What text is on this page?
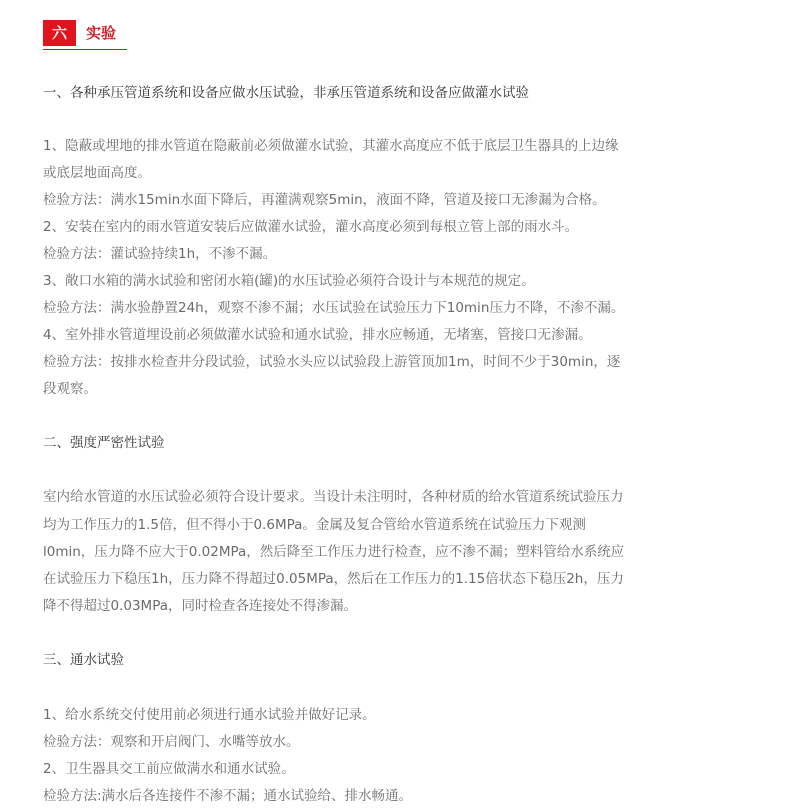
六	实验
一、各种承压管道系统和设备应做水压试验，非承压管道系统和设备应做灌水试验
1、隐蔽或埋地的排水管道在隐蔽前必须做灌水试验，其灌水高度应不低于底层卫生器具的上边缘
或底层地面高度。
检验方法：满水15min水面下降后，再灌满观察5min，液面不降，管道及接口无渗漏为合格。
2、安装在室内的雨水管道安装后应做灌水试验，灌水高度必须到每根立管上部的雨水斗。
检验方法：灌试验持续1h，不渗不漏。
3、敞口水箱的满水试验和密闭水箱(罐)的水压试验必须符合设计与本规范的规定。
检验方法：满水验静置24h，观察不渗不漏；水压试验在试验压力下10min压力不降，不渗不漏。
4、室外排水管道埋设前必须做灌水试验和通水试验，排水应畅通，无堵塞，管接口无渗漏。
检验方法：按排水检查井分段试验，试验水头应以试验段上游管顶加1m，时间不少于30min，逐
段观察。
二、强度严密性试验
室内给水管道的水压试验必须符合设计要求。当设计未注明时，各种材质的给水管道系统试验压力
均为工作压力的1.5倍，但不得小于0.6MPa。金属及复合管给水管道系统在试验压力下观测
l0min，压力降不应大于0.02MPa，然后降至工作压力进行检查，应不渗不漏；塑料管给水系统应
在试验压力下稳压1h，压力降不得超过0.05MPa，然后在工作压力的1.15倍状态下稳压2h，压力
降不得超过0.03MPa，同时检查各连接处不得渗漏。
三、通水试验
1、给水系统交付使用前必须进行通水试验并做好记录。
检验方法：观察和开启阀门、水嘴等放水。
2、卫生器具交工前应做满水和通水试验。
检验方法:满水后各连接件不渗不漏；通水试验给、排水畅通。
